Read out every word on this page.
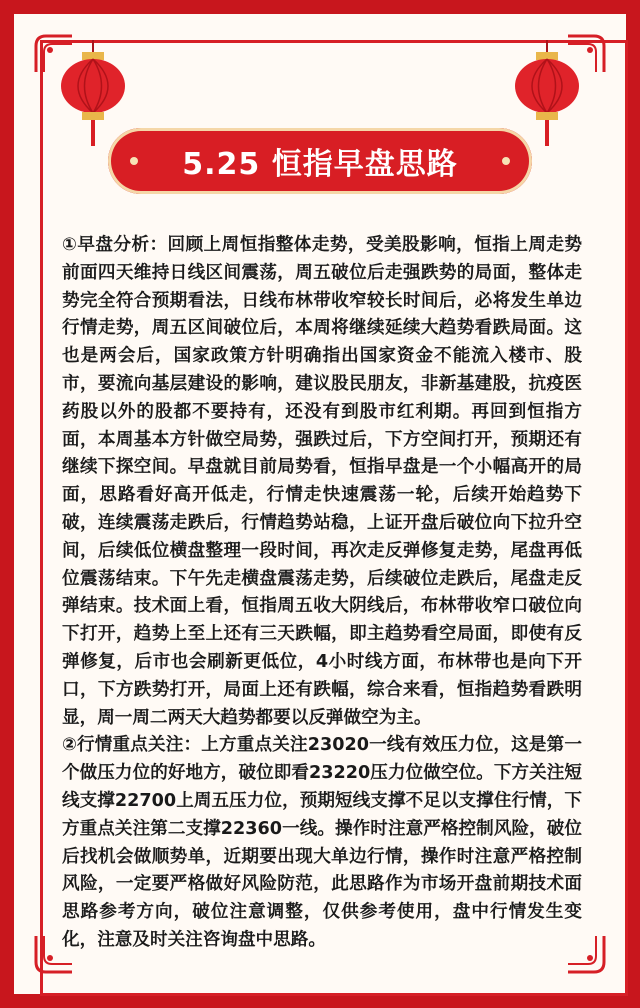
5.25 恒指早盘思路

①早盘分析：回顾上周恒指整体走势，受美股影响，恒指上周走势前面四天维持日线区间震荡，周五破位后走强跌势的局面，整体走势完全符合预期看法，日线布林带收窄较长时间后，必将发生单边行情走势，周五区间破位后，本周将继续延续大趋势看跌局面。这也是两会后，国家政策方针明确指出国家资金不能流入楼市、股市，要流向基层建设的影响，建议股民朋友，非新基建股，抗疫医药股以外的股都不要持有，还没有到股市红利期。再回到恒指方面，本周基本方针做空局势，强跌过后，下方空间打开，预期还有继续下探空间。早盘就目前局势看，恒指早盘是一个小幅高开的局面，思路看好高开低走，行情走快速震荡一轮，后续开始趋势下破，连续震荡走跌后，行情趋势站稳，上证开盘后破位向下拉升空间，后续低位横盘整理一段时间，再次走反弹修复走势，尾盘再低位震荡结束。下午先走横盘震荡走势，后续破位走跌后，尾盘走反弹结束。技术面上看，恒指周五收大阴线后，布林带收窄口破位向下打开，趋势上至上还有三天跌幅，即主趋势看空局面，即使有反弹修复，后市也会刷新更低位，4小时线方面，布林带也是向下开口，下方跌势打开，局面上还有跌幅，综合来看，恒指趋势看跌明显，周一周二两天大趋势都要以反弹做空为主。

②行情重点关注：上方重点关注23020一线有效压力位，这是第一个做压力位的好地方，破位即看23220压力位做空位。下方关注短线支撑22700上周五压力位，预期短线支撑不足以支撑住行情，下方重点关注第二支撑22360一线。操作时注意严格控制风险，破位后找机会做顺势单，近期要出现大单边行情，操作时注意严格控制风险，一定要严格做好风险防范，此思路作为市场开盘前期技术面思路参考方向，破位注意调整，仅供参考使用，盘中行情发生变化，注意及时关注咨询盘中思路。
